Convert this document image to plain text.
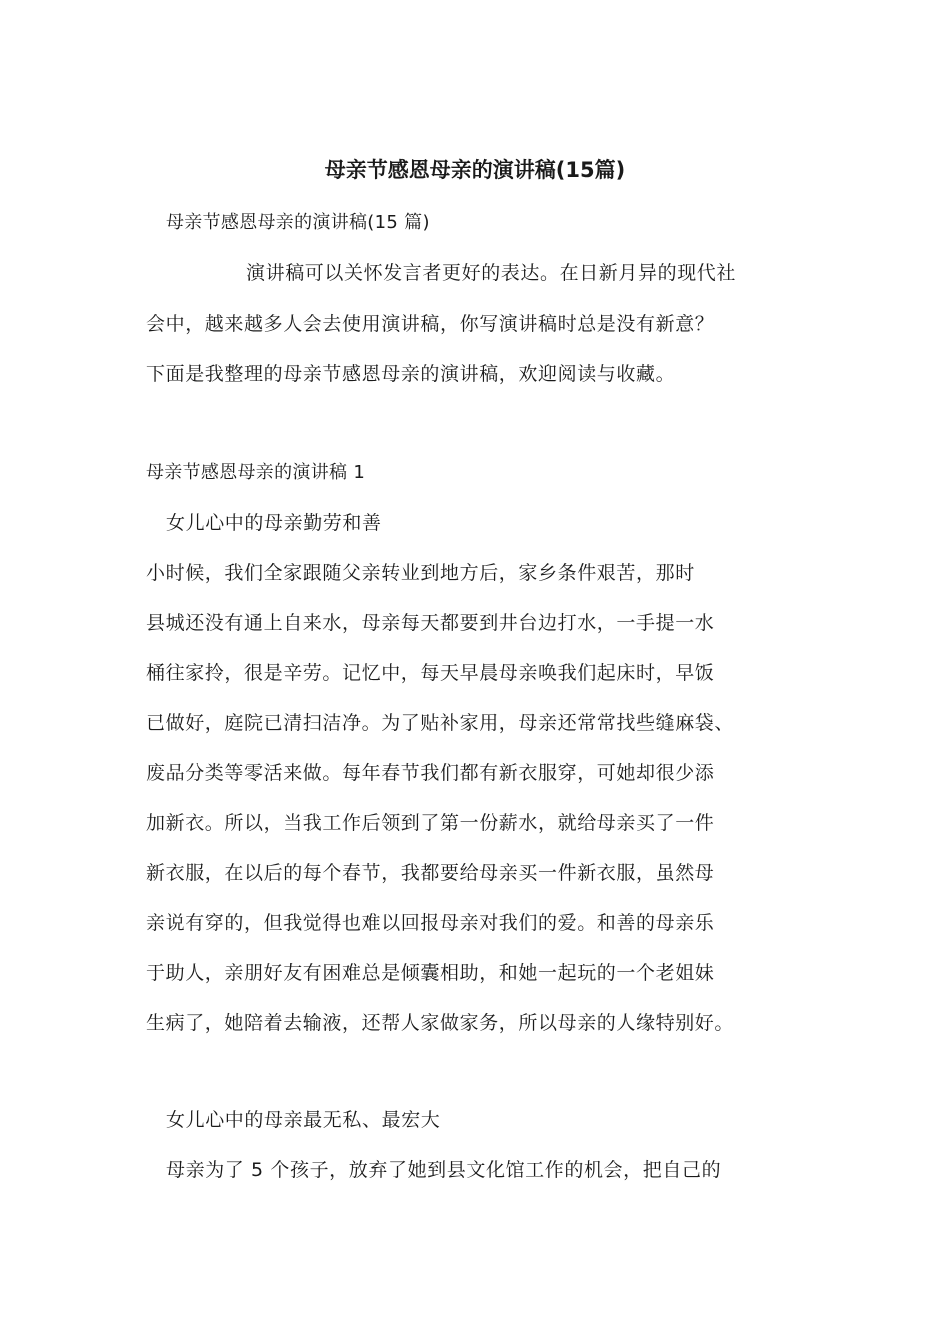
母亲节感恩母亲的演讲稿(15篇)
母亲节感恩母亲的演讲稿(15 篇)
演讲稿可以关怀发言者更好的表达。在日新月异的现代社
会中，越来越多人会去使用演讲稿，你写演讲稿时总是没有新意？
下面是我整理的母亲节感恩母亲的演讲稿，欢迎阅读与收藏。
母亲节感恩母亲的演讲稿 1
女儿心中的母亲勤劳和善
小时候，我们全家跟随父亲转业到地方后，家乡条件艰苦，那时
县城还没有通上自来水，母亲每天都要到井台边打水，一手提一水
桶往家拎，很是辛劳。记忆中，每天早晨母亲唤我们起床时，早饭
已做好，庭院已清扫洁净。为了贴补家用，母亲还常常找些缝麻袋、
废品分类等零活来做。每年春节我们都有新衣服穿，可她却很少添
加新衣。所以，当我工作后领到了第一份薪水，就给母亲买了一件
新衣服，在以后的每个春节，我都要给母亲买一件新衣服，虽然母
亲说有穿的，但我觉得也难以回报母亲对我们的爱。和善的母亲乐
于助人，亲朋好友有困难总是倾囊相助，和她一起玩的一个老姐妹
生病了，她陪着去输液，还帮人家做家务，所以母亲的人缘特别好。
女儿心中的母亲最无私、最宏大
母亲为了 5 个孩子，放弃了她到县文化馆工作的机会，把自己的
